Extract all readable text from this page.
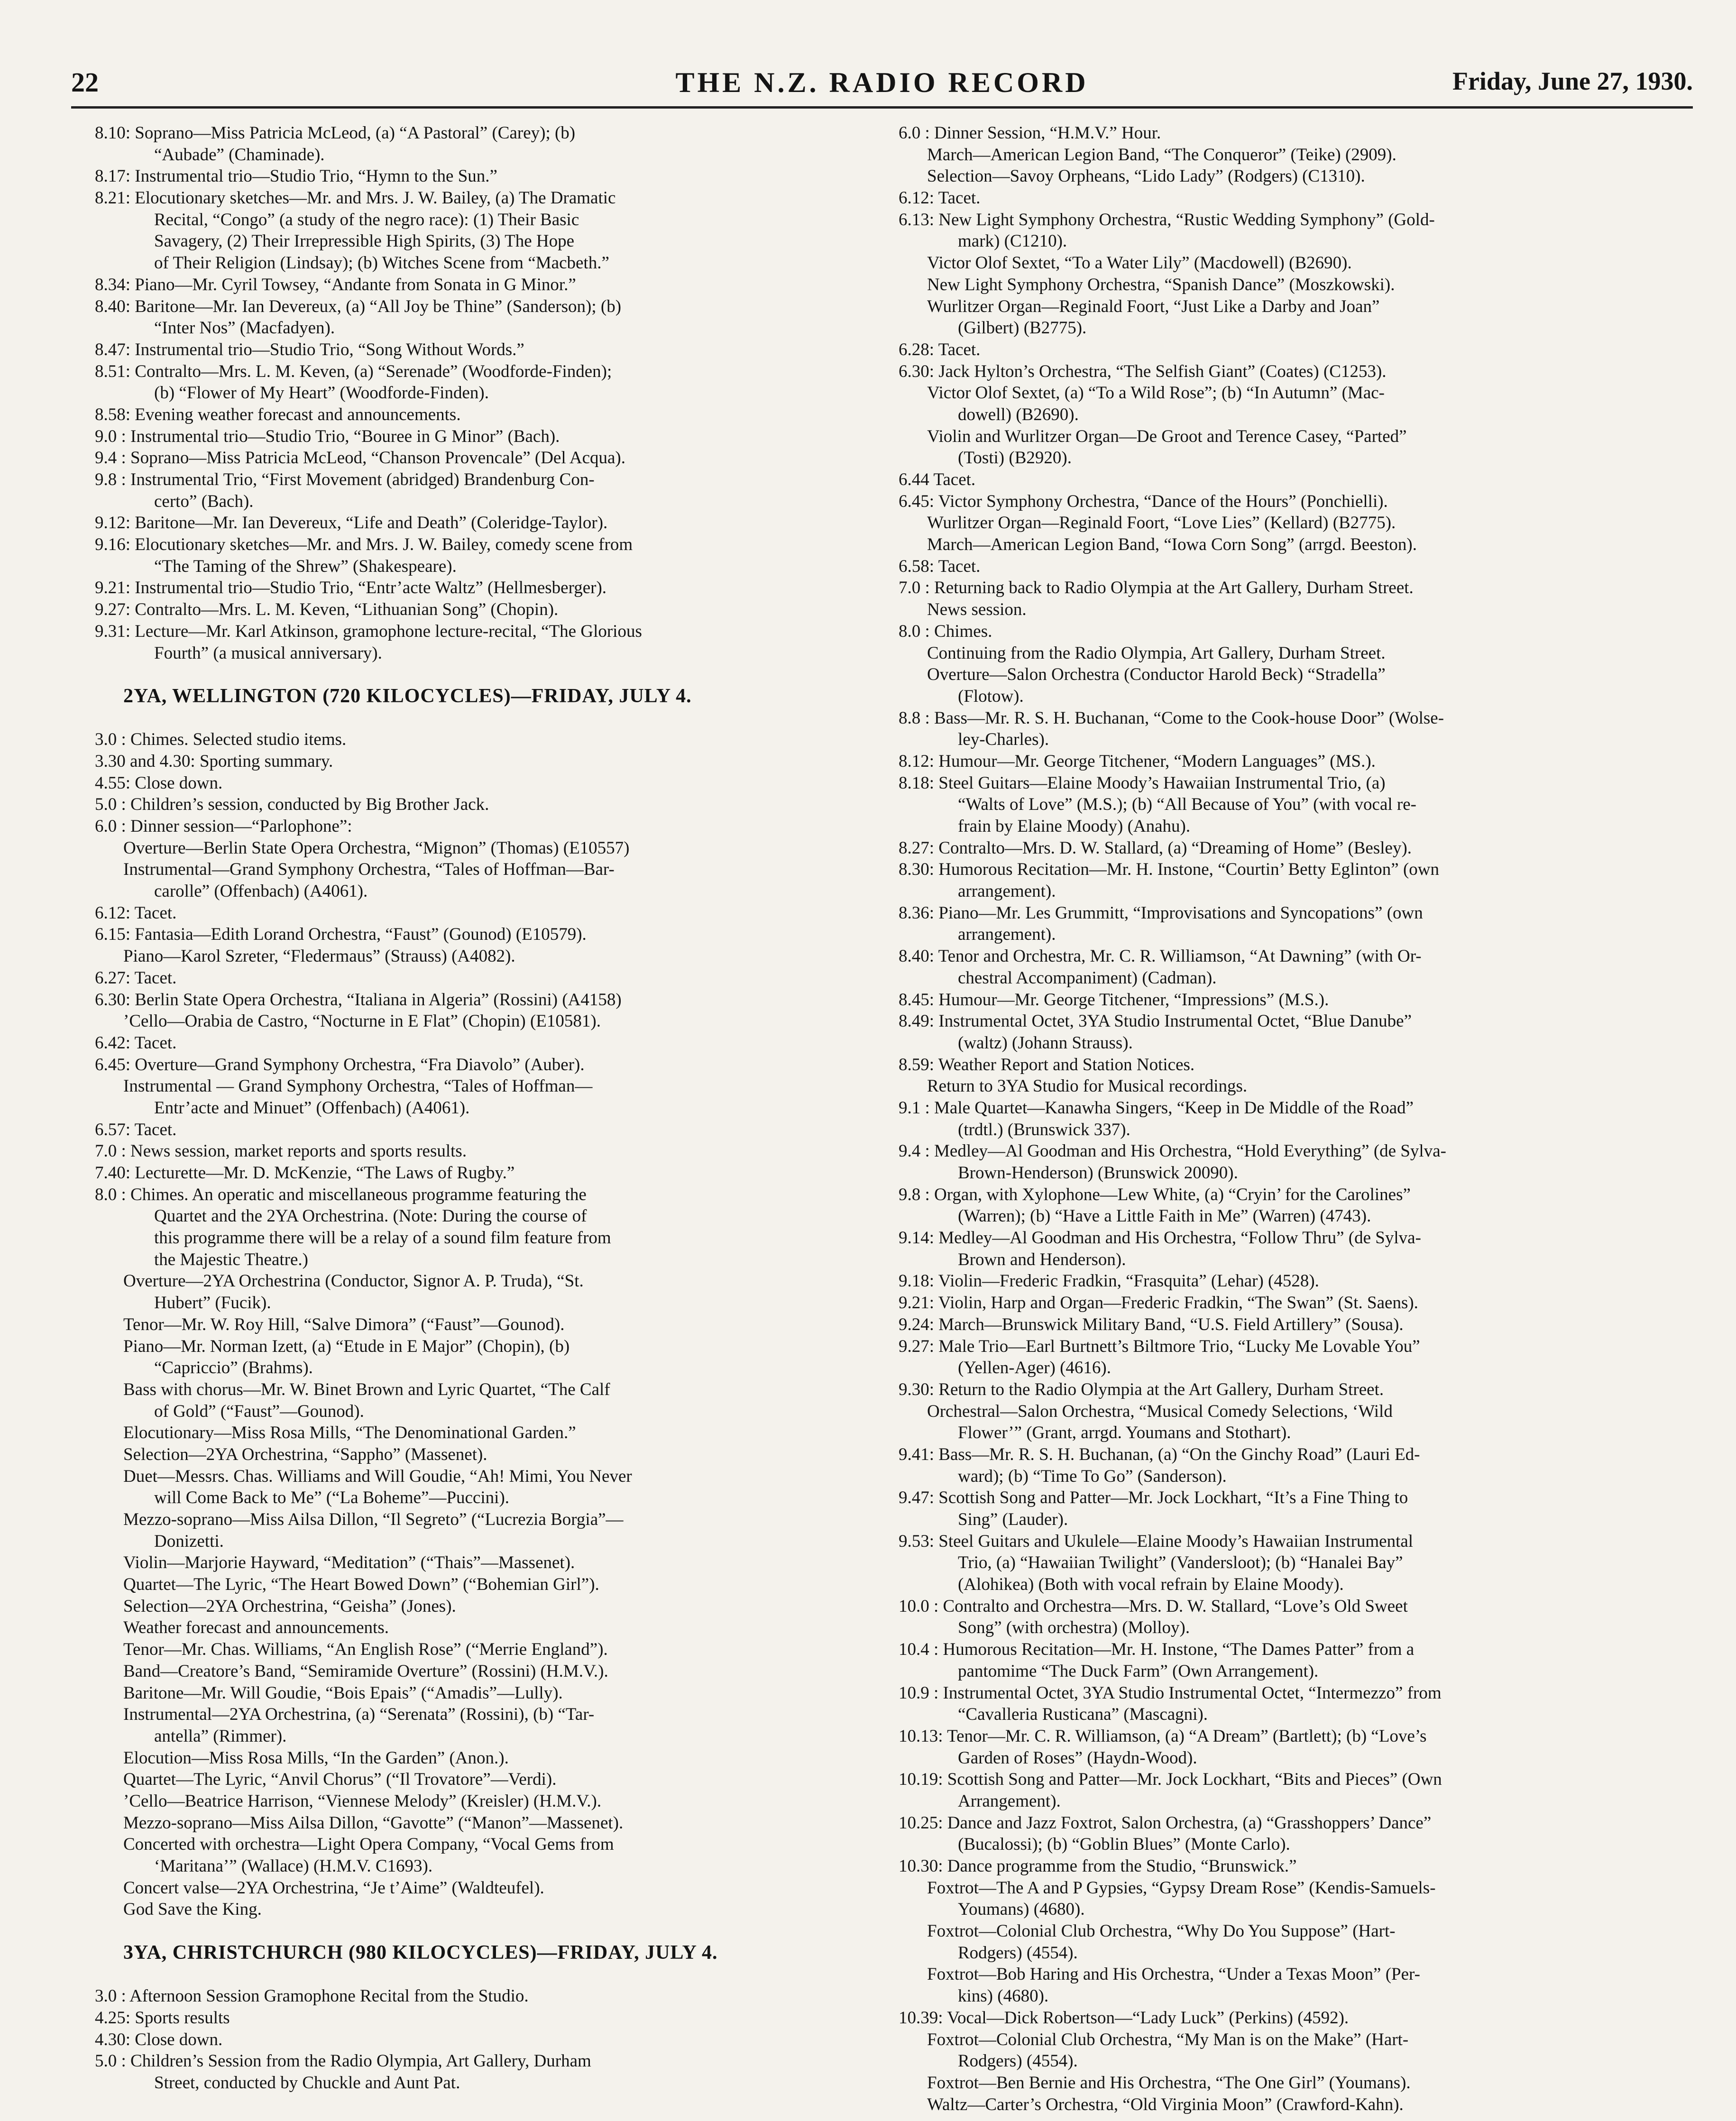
22	THE N.Z. RADIO RECORD	Friday, June 27, 1930.
8.10: Soprano—Miss Patricia McLeod, (a) “A Pastoral” (Carey); (b)
“Aubade” (Chaminade).
8.17: Instrumental trio—Studio Trio, “Hymn to the Sun.”
8.21: Elocutionary sketches—Mr. and Mrs. J. W. Bailey, (a) The Dramatic
Recital, “Congo” (a study of the negro race): (1) Their Basic
Savagery, (2) Their Irrepressible High Spirits, (3) The Hope
of Their Religion (Lindsay); (b) Witches Scene from “Macbeth.”
8.34: Piano—Mr. Cyril Towsey, “Andante from Sonata in G Minor.”
8.40: Baritone—Mr. Ian Devereux, (a) “All Joy be Thine” (Sanderson); (b)
“Inter Nos” (Macfadyen).
8.47: Instrumental trio—Studio Trio, “Song Without Words.”
8.51: Contralto—Mrs. L. M. Keven, (a) “Serenade” (Woodforde-Finden);
(b) “Flower of My Heart” (Woodforde-Finden).
8.58: Evening weather forecast and announcements.
9.0 : Instrumental trio—Studio Trio, “Bouree in G Minor” (Bach).
9.4 : Soprano—Miss Patricia McLeod, “Chanson Provencale” (Del Acqua).
9.8 : Instrumental Trio, “First Movement (abridged) Brandenburg Con-
certo” (Bach).
9.12: Baritone—Mr. Ian Devereux, “Life and Death” (Coleridge-Taylor).
9.16: Elocutionary sketches—Mr. and Mrs. J. W. Bailey, comedy scene from
“The Taming of the Shrew” (Shakespeare).
9.21: Instrumental trio—Studio Trio, “Entr’acte Waltz” (Hellmesberger).
9.27: Contralto—Mrs. L. M. Keven, “Lithuanian Song” (Chopin).
9.31: Lecture—Mr. Karl Atkinson, gramophone lecture-recital, “The Glorious
Fourth” (a musical anniversary).
2YA, WELLINGTON (720 KILOCYCLES)—FRIDAY, JULY 4.
3.0 : Chimes. Selected studio items.
3.30 and 4.30: Sporting summary.
4.55: Close down.
5.0 : Children’s session, conducted by Big Brother Jack.
6.0 : Dinner session—“Parlophone”:
Overture—Berlin State Opera Orchestra, “Mignon” (Thomas) (E10557)
Instrumental—Grand Symphony Orchestra, “Tales of Hoffman—Bar-
carolle” (Offenbach) (A4061).
6.12: Tacet.
6.15: Fantasia—Edith Lorand Orchestra, “Faust” (Gounod) (E10579).
Piano—Karol Szreter, “Fledermaus” (Strauss) (A4082).
6.27: Tacet.
6.30: Berlin State Opera Orchestra, “Italiana in Algeria” (Rossini) (A4158)
’Cello—Orabia de Castro, “Nocturne in E Flat” (Chopin) (E10581).
6.42: Tacet.
6.45: Overture—Grand Symphony Orchestra, “Fra Diavolo” (Auber).
Instrumental — Grand Symphony Orchestra, “Tales of Hoffman—
Entr’acte and Minuet” (Offenbach) (A4061).
6.57: Tacet.
7.0 : News session, market reports and sports results.
7.40: Lecturette—Mr. D. McKenzie, “The Laws of Rugby.”
8.0 : Chimes. An operatic and miscellaneous programme featuring the
Quartet and the 2YA Orchestrina. (Note: During the course of
this programme there will be a relay of a sound film feature from
the Majestic Theatre.)
Overture—2YA Orchestrina (Conductor, Signor A. P. Truda), “St.
Hubert” (Fucik).
Tenor—Mr. W. Roy Hill, “Salve Dimora” (“Faust”—Gounod).
Piano—Mr. Norman Izett, (a) “Etude in E Major” (Chopin), (b)
“Capriccio” (Brahms).
Bass with chorus—Mr. W. Binet Brown and Lyric Quartet, “The Calf
of Gold” (“Faust”—Gounod).
Elocutionary—Miss Rosa Mills, “The Denominational Garden.”
Selection—2YA Orchestrina, “Sappho” (Massenet).
Duet—Messrs. Chas. Williams and Will Goudie, “Ah! Mimi, You Never
will Come Back to Me” (“La Boheme”—Puccini).
Mezzo-soprano—Miss Ailsa Dillon, “Il Segreto” (“Lucrezia Borgia”—
Donizetti.
Violin—Marjorie Hayward, “Meditation” (“Thais”—Massenet).
Quartet—The Lyric, “The Heart Bowed Down” (“Bohemian Girl”).
Selection—2YA Orchestrina, “Geisha” (Jones).
Weather forecast and announcements.
Tenor—Mr. Chas. Williams, “An English Rose” (“Merrie England”).
Band—Creatore’s Band, “Semiramide Overture” (Rossini) (H.M.V.).
Baritone—Mr. Will Goudie, “Bois Epais” (“Amadis”—Lully).
Instrumental—2YA Orchestrina, (a) “Serenata” (Rossini), (b) “Tar-
antella” (Rimmer).
Elocution—Miss Rosa Mills, “In the Garden” (Anon.).
Quartet—The Lyric, “Anvil Chorus” (“Il Trovatore”—Verdi).
’Cello—Beatrice Harrison, “Viennese Melody” (Kreisler) (H.M.V.).
Mezzo-soprano—Miss Ailsa Dillon, “Gavotte” (“Manon”—Massenet).
Concerted with orchestra—Light Opera Company, “Vocal Gems from
‘Maritana’” (Wallace) (H.M.V. C1693).
Concert valse—2YA Orchestrina, “Je t’Aime” (Waldteufel).
God Save the King.
3YA, CHRISTCHURCH (980 KILOCYCLES)—FRIDAY, JULY 4.
3.0 : Afternoon Session Gramophone Recital from the Studio.
4.25: Sports results
4.30: Close down.
5.0 : Children’s Session from the Radio Olympia, Art Gallery, Durham
Street, conducted by Chuckle and Aunt Pat.
6.0 : Dinner Session, “H.M.V.” Hour.
March—American Legion Band, “The Conqueror” (Teike) (2909).
Selection—Savoy Orpheans, “Lido Lady” (Rodgers) (C1310).
6.12: Tacet.
6.13: New Light Symphony Orchestra, “Rustic Wedding Symphony” (Gold-
mark) (C1210).
Victor Olof Sextet, “To a Water Lily” (Macdowell) (B2690).
New Light Symphony Orchestra, “Spanish Dance” (Moszkowski).
Wurlitzer Organ—Reginald Foort, “Just Like a Darby and Joan”
(Gilbert) (B2775).
6.28: Tacet.
6.30: Jack Hylton’s Orchestra, “The Selfish Giant” (Coates) (C1253).
Victor Olof Sextet, (a) “To a Wild Rose”; (b) “In Autumn” (Mac-
dowell) (B2690).
Violin and Wurlitzer Organ—De Groot and Terence Casey, “Parted”
(Tosti) (B2920).
6.44 Tacet.
6.45: Victor Symphony Orchestra, “Dance of the Hours” (Ponchielli).
Wurlitzer Organ—Reginald Foort, “Love Lies” (Kellard) (B2775).
March—American Legion Band, “Iowa Corn Song” (arrgd. Beeston).
6.58: Tacet.
7.0 : Returning back to Radio Olympia at the Art Gallery, Durham Street.
News session.
8.0 : Chimes.
Continuing from the Radio Olympia, Art Gallery, Durham Street.
Overture—Salon Orchestra (Conductor Harold Beck) “Stradella”
(Flotow).
8.8 : Bass—Mr. R. S. H. Buchanan, “Come to the Cook-house Door” (Wolse-
ley-Charles).
8.12: Humour—Mr. George Titchener, “Modern Languages” (MS.).
8.18: Steel Guitars—Elaine Moody’s Hawaiian Instrumental Trio, (a)
“Walts of Love” (M.S.); (b) “All Because of You” (with vocal re-
frain by Elaine Moody) (Anahu).
8.27: Contralto—Mrs. D. W. Stallard, (a) “Dreaming of Home” (Besley).
8.30: Humorous Recitation—Mr. H. Instone, “Courtin’ Betty Eglinton” (own
arrangement).
8.36: Piano—Mr. Les Grummitt, “Improvisations and Syncopations” (own
arrangement).
8.40: Tenor and Orchestra, Mr. C. R. Williamson, “At Dawning” (with Or-
chestral Accompaniment) (Cadman).
8.45: Humour—Mr. George Titchener, “Impressions” (M.S.).
8.49: Instrumental Octet, 3YA Studio Instrumental Octet, “Blue Danube”
(waltz) (Johann Strauss).
8.59: Weather Report and Station Notices.
Return to 3YA Studio for Musical recordings.
9.1 : Male Quartet—Kanawha Singers, “Keep in De Middle of the Road”
(trdtl.) (Brunswick 337).
9.4 : Medley—Al Goodman and His Orchestra, “Hold Everything” (de Sylva-
Brown-Henderson) (Brunswick 20090).
9.8 : Organ, with Xylophone—Lew White, (a) “Cryin’ for the Carolines”
(Warren); (b) “Have a Little Faith in Me” (Warren) (4743).
9.14: Medley—Al Goodman and His Orchestra, “Follow Thru” (de Sylva-
Brown and Henderson).
9.18: Violin—Frederic Fradkin, “Frasquita” (Lehar) (4528).
9.21: Violin, Harp and Organ—Frederic Fradkin, “The Swan” (St. Saens).
9.24: March—Brunswick Military Band, “U.S. Field Artillery” (Sousa).
9.27: Male Trio—Earl Burtnett’s Biltmore Trio, “Lucky Me Lovable You”
(Yellen-Ager) (4616).
9.30: Return to the Radio Olympia at the Art Gallery, Durham Street.
Orchestral—Salon Orchestra, “Musical Comedy Selections, ‘Wild
Flower’” (Grant, arrgd. Youmans and Stothart).
9.41: Bass—Mr. R. S. H. Buchanan, (a) “On the Ginchy Road” (Lauri Ed-
ward); (b) “Time To Go” (Sanderson).
9.47: Scottish Song and Patter—Mr. Jock Lockhart, “It’s a Fine Thing to
Sing” (Lauder).
9.53: Steel Guitars and Ukulele—Elaine Moody’s Hawaiian Instrumental
Trio, (a) “Hawaiian Twilight” (Vandersloot); (b) “Hanalei Bay”
(Alohikea) (Both with vocal refrain by Elaine Moody).
10.0 : Contralto and Orchestra—Mrs. D. W. Stallard, “Love’s Old Sweet
Song” (with orchestra) (Molloy).
10.4 : Humorous Recitation—Mr. H. Instone, “The Dames Patter” from a
pantomime “The Duck Farm” (Own Arrangement).
10.9 : Instrumental Octet, 3YA Studio Instrumental Octet, “Intermezzo” from
“Cavalleria Rusticana” (Mascagni).
10.13: Tenor—Mr. C. R. Williamson, (a) “A Dream” (Bartlett); (b) “Love’s
Garden of Roses” (Haydn-Wood).
10.19: Scottish Song and Patter—Mr. Jock Lockhart, “Bits and Pieces” (Own
Arrangement).
10.25: Dance and Jazz Foxtrot, Salon Orchestra, (a) “Grasshoppers’ Dance”
(Bucalossi); (b) “Goblin Blues” (Monte Carlo).
10.30: Dance programme from the Studio, “Brunswick.”
Foxtrot—The A and P Gypsies, “Gypsy Dream Rose” (Kendis-Samuels-
Youmans) (4680).
Foxtrot—Colonial Club Orchestra, “Why Do You Suppose” (Hart-
Rodgers) (4554).
Foxtrot—Bob Haring and His Orchestra, “Under a Texas Moon” (Per-
kins) (4680).
10.39: Vocal—Dick Robertson—“Lady Luck” (Perkins) (4592).
Foxtrot—Colonial Club Orchestra, “My Man is on the Make” (Hart-
Rodgers) (4554).
Foxtrot—Ben Bernie and His Orchestra, “The One Girl” (Youmans).
Waltz—Carter’s Orchestra, “Old Virginia Moon” (Crawford-Kahn).
